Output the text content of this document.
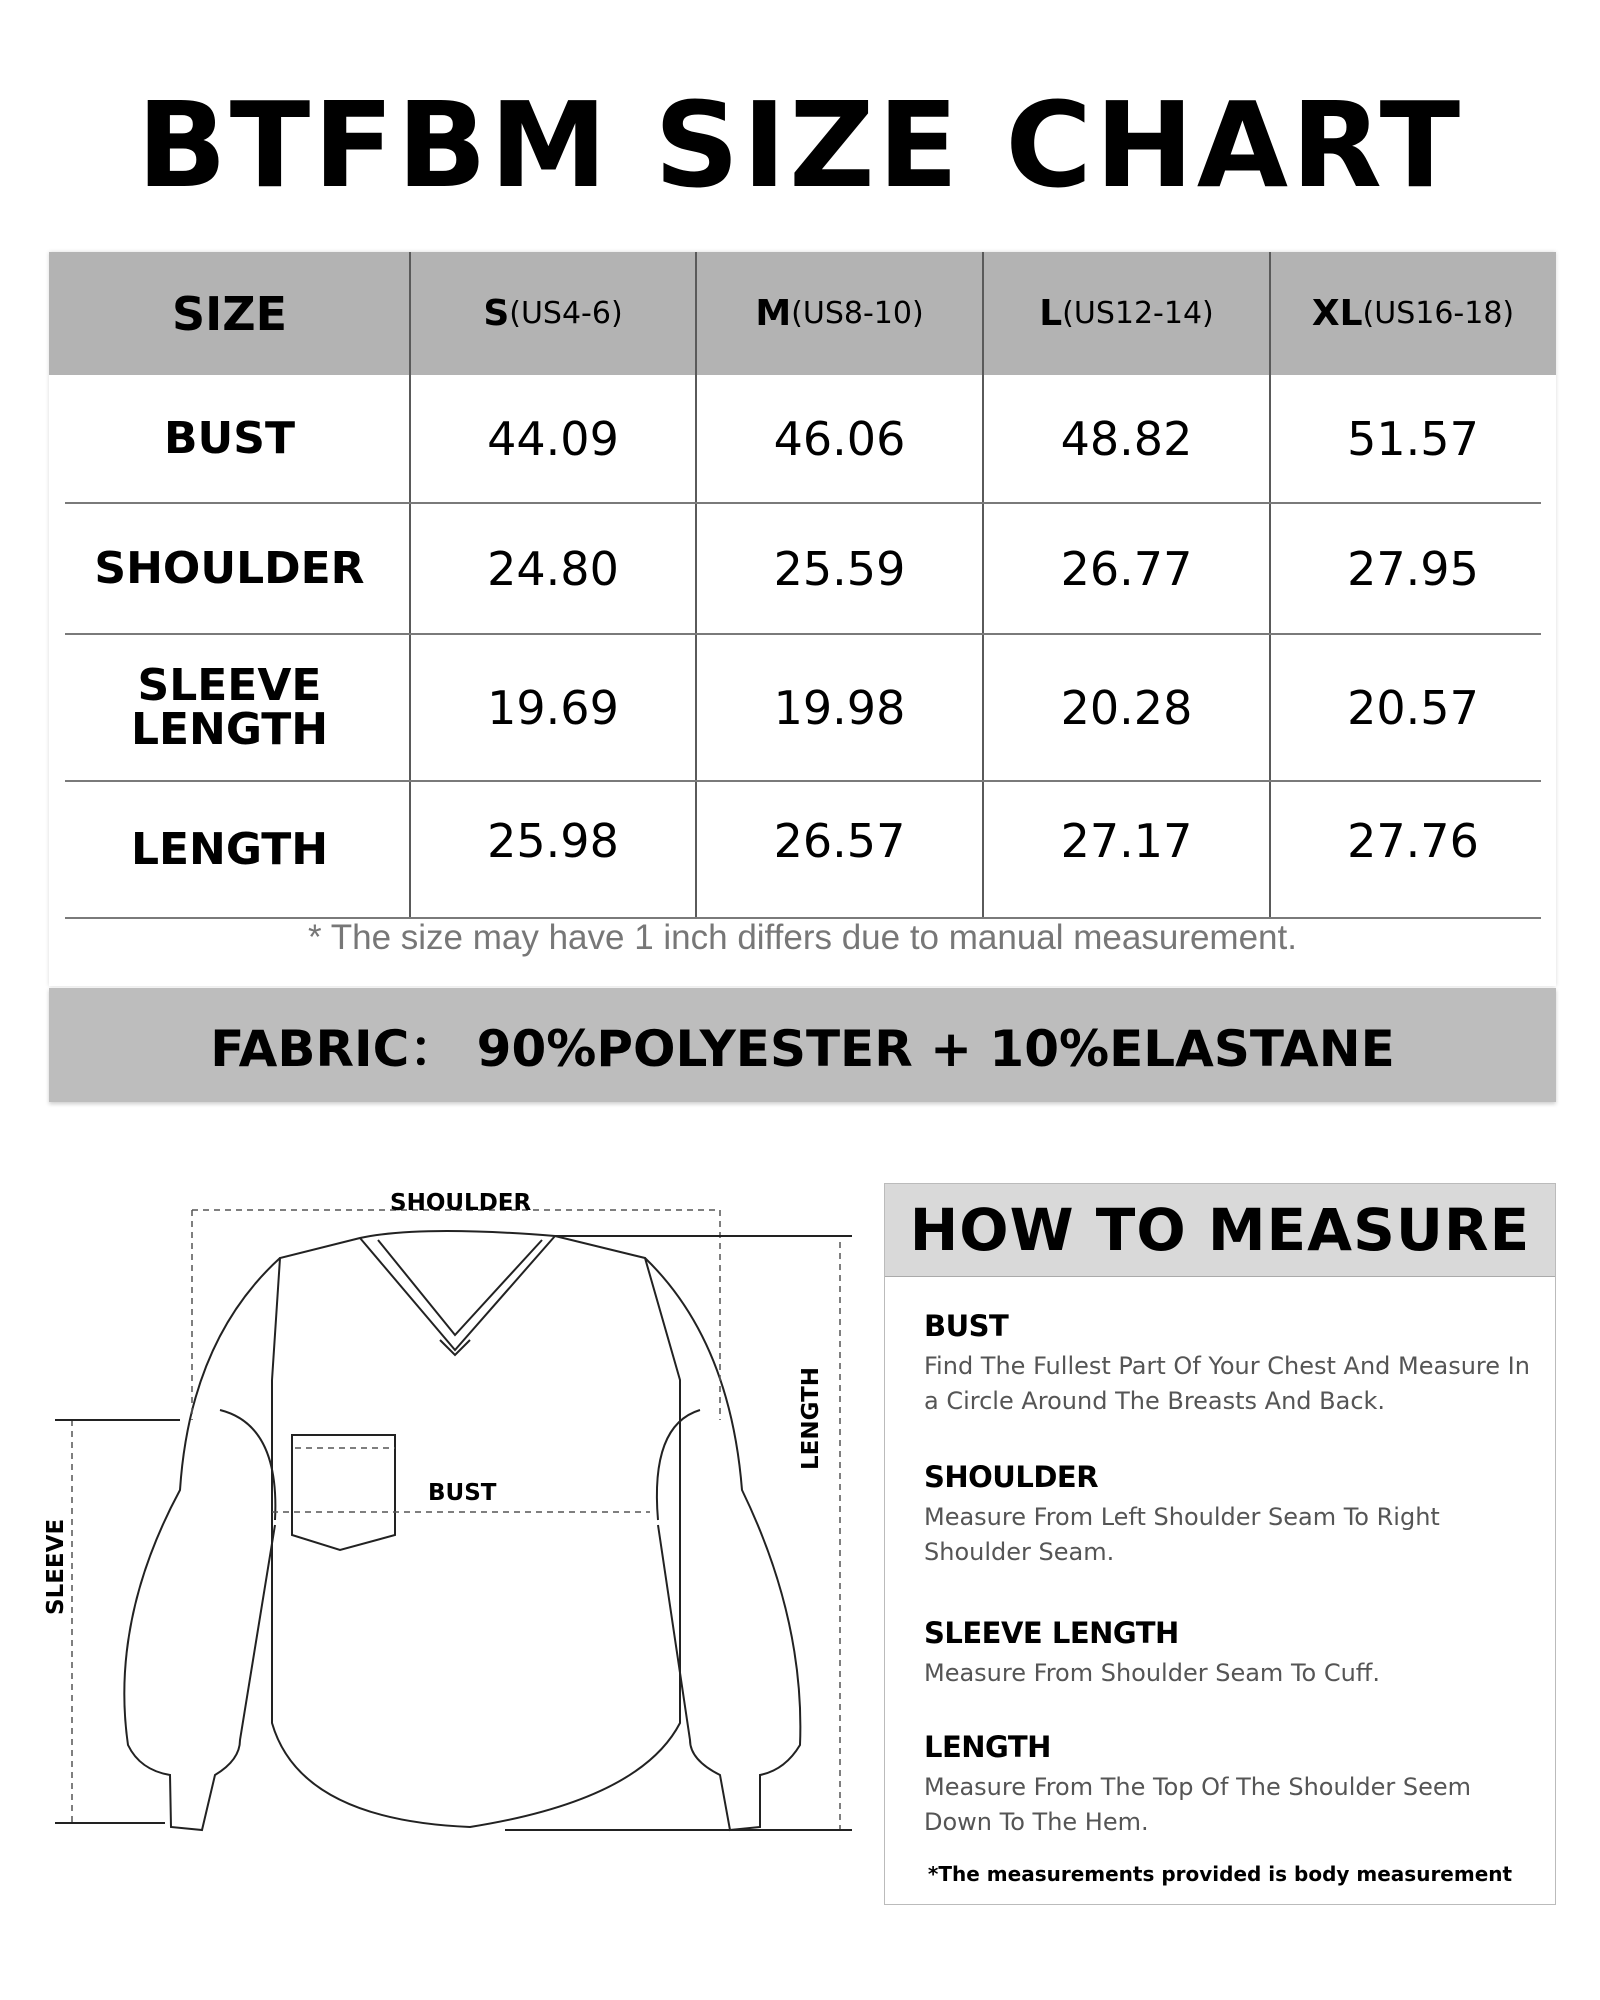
BTFBM SIZE CHART
SIZE	S (US4-6)	M (US8-10)	L (US12-14)	XL (US16-18)
BUST	44.09	46.06	48.82	51.57
SHOULDER	24.80	25.59	26.77	27.95
SLEEVE LENGTH	19.69	19.98	20.28	20.57
LENGTH	25.98	26.57	27.17	27.76
* The size may have 1 inch differs due to manual measurement.
FABRIC： 90%POLYESTER + 10%ELASTANE
SHOULDER
BUST
LENGTH
SLEEVE
HOW TO MEASURE
BUST
Find The Fullest Part Of Your Chest And Measure In a Circle Around The Breasts And Back.
SHOULDER
Measure From Left Shoulder Seam To Right Shoulder Seam.
SLEEVE LENGTH
Measure From Shoulder Seam To Cuff.
LENGTH
Measure From The Top Of The Shoulder Seem Down To The Hem.
*The measurements provided is body measurement
